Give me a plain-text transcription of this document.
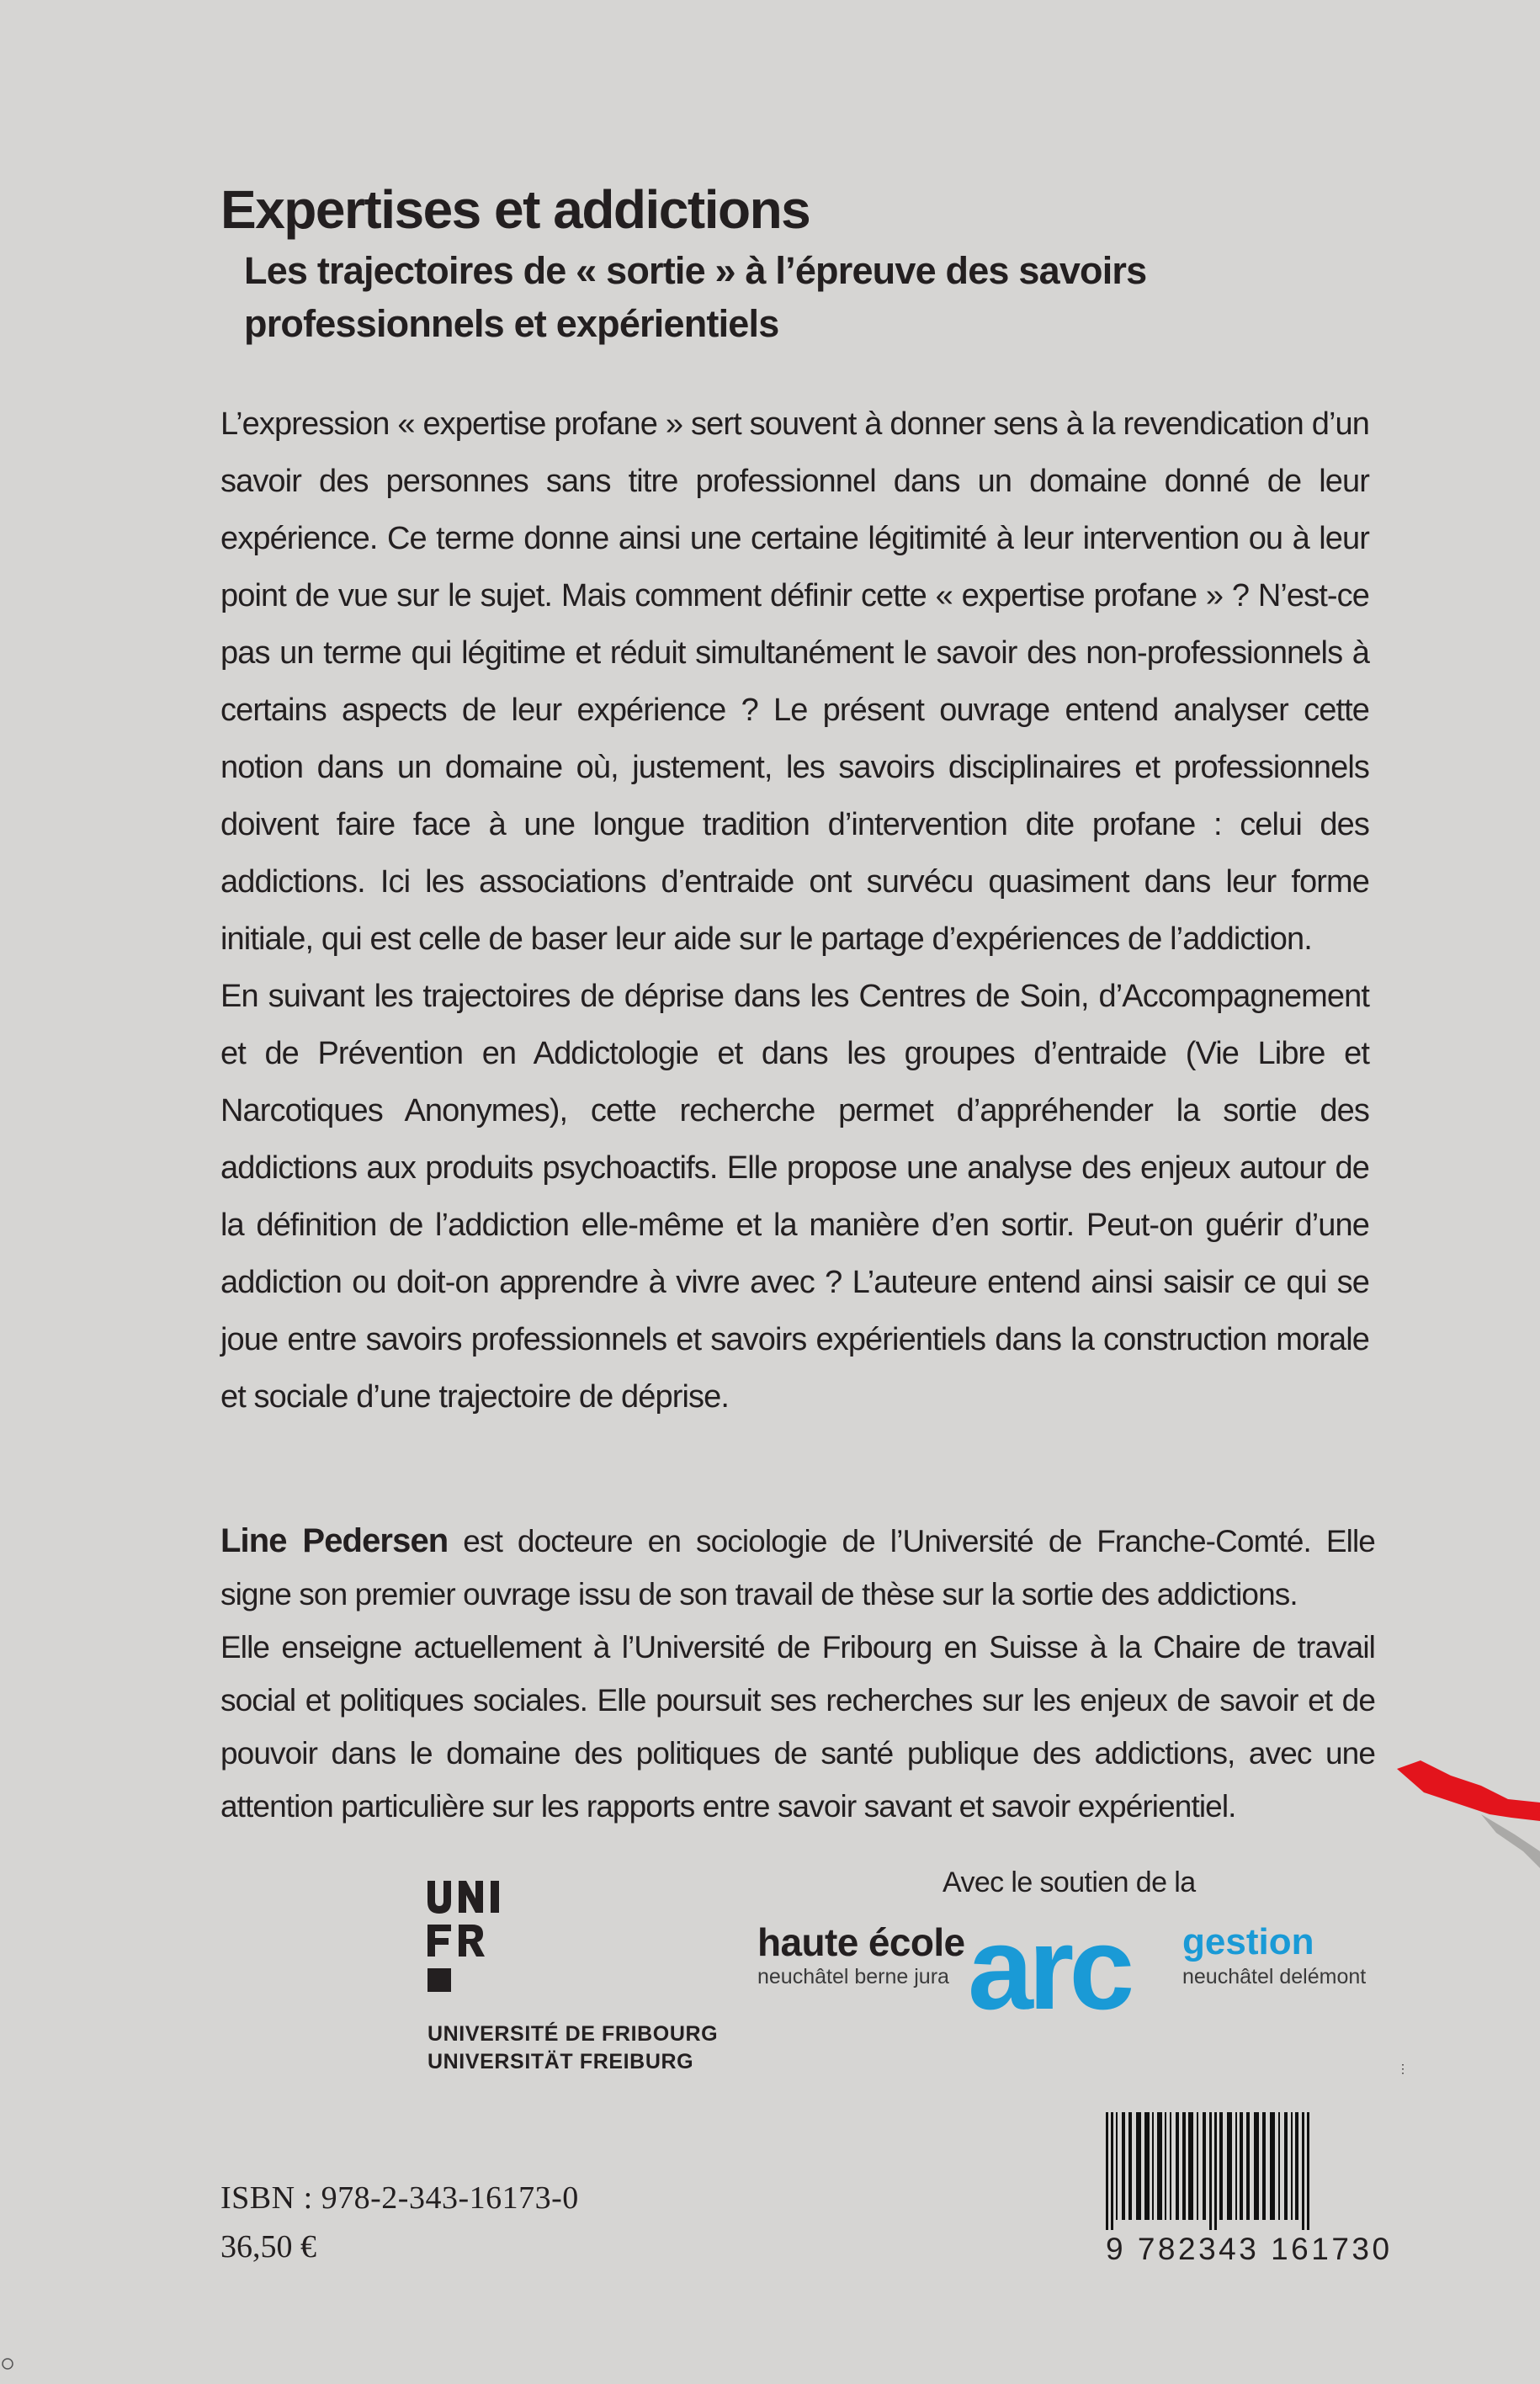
Expertises et addictions
Les trajectoires de « sortie » à l’épreuve des savoirs
professionnels et expérientiels

L’expression « expertise profane » sert souvent à donner sens à la revendication d’un savoir des personnes sans titre professionnel dans un domaine donné de leur expérience. Ce terme donne ainsi une certaine légitimité à leur intervention ou à leur point de vue sur le sujet. Mais comment définir cette « expertise profane » ? N’est-ce pas un terme qui légitime et réduit simultanément le savoir des non-professionnels à certains aspects de leur expérience ? Le présent ouvrage entend analyser cette notion dans un domaine où, justement, les savoirs disciplinaires et professionnels doivent faire face à une longue tradition d’intervention dite profane : celui des addictions. Ici les associations d’entraide ont survécu quasiment dans leur forme initiale, qui est celle de baser leur aide sur le partage d’expériences de l’addiction.

En suivant les trajectoires de déprise dans les Centres de Soin, d’Accompagnement et de Prévention en Addictologie et dans les groupes d’entraide (Vie Libre et Narcotiques Anonymes), cette recherche permet d’appréhender la sortie des addictions aux produits psychoactifs. Elle propose une analyse des enjeux autour de la définition de l’addiction elle-même et la manière d’en sortir. Peut-on guérir d’une addiction ou doit-on apprendre à vivre avec ? L’auteure entend ainsi saisir ce qui se joue entre savoirs professionnels et savoirs expérientiels dans la construction morale et sociale d’une trajectoire de déprise.

Line Pedersen est docteure en sociologie de l’Université de Franche-Comté. Elle signe son premier ouvrage issu de son travail de thèse sur la sortie des addictions.

Elle enseigne actuellement à l’Université de Fribourg en Suisse à la Chaire de travail social et politiques sociales. Elle poursuit ses recherches sur les enjeux de savoir et de pouvoir dans le domaine des politiques de santé publique des addictions, avec une attention particulière sur les rapports entre savoir savant et savoir expérientiel.

UNIVERSITÉ DE FRIBOURG
UNIVERSITÄT FREIBURG

Avec le soutien de la

haute école
neuchâtel berne jura arc gestion
neuchâtel delémont

ISBN : 978-2-343-16173-0

36,50 €	9 782343 161730
⋮
